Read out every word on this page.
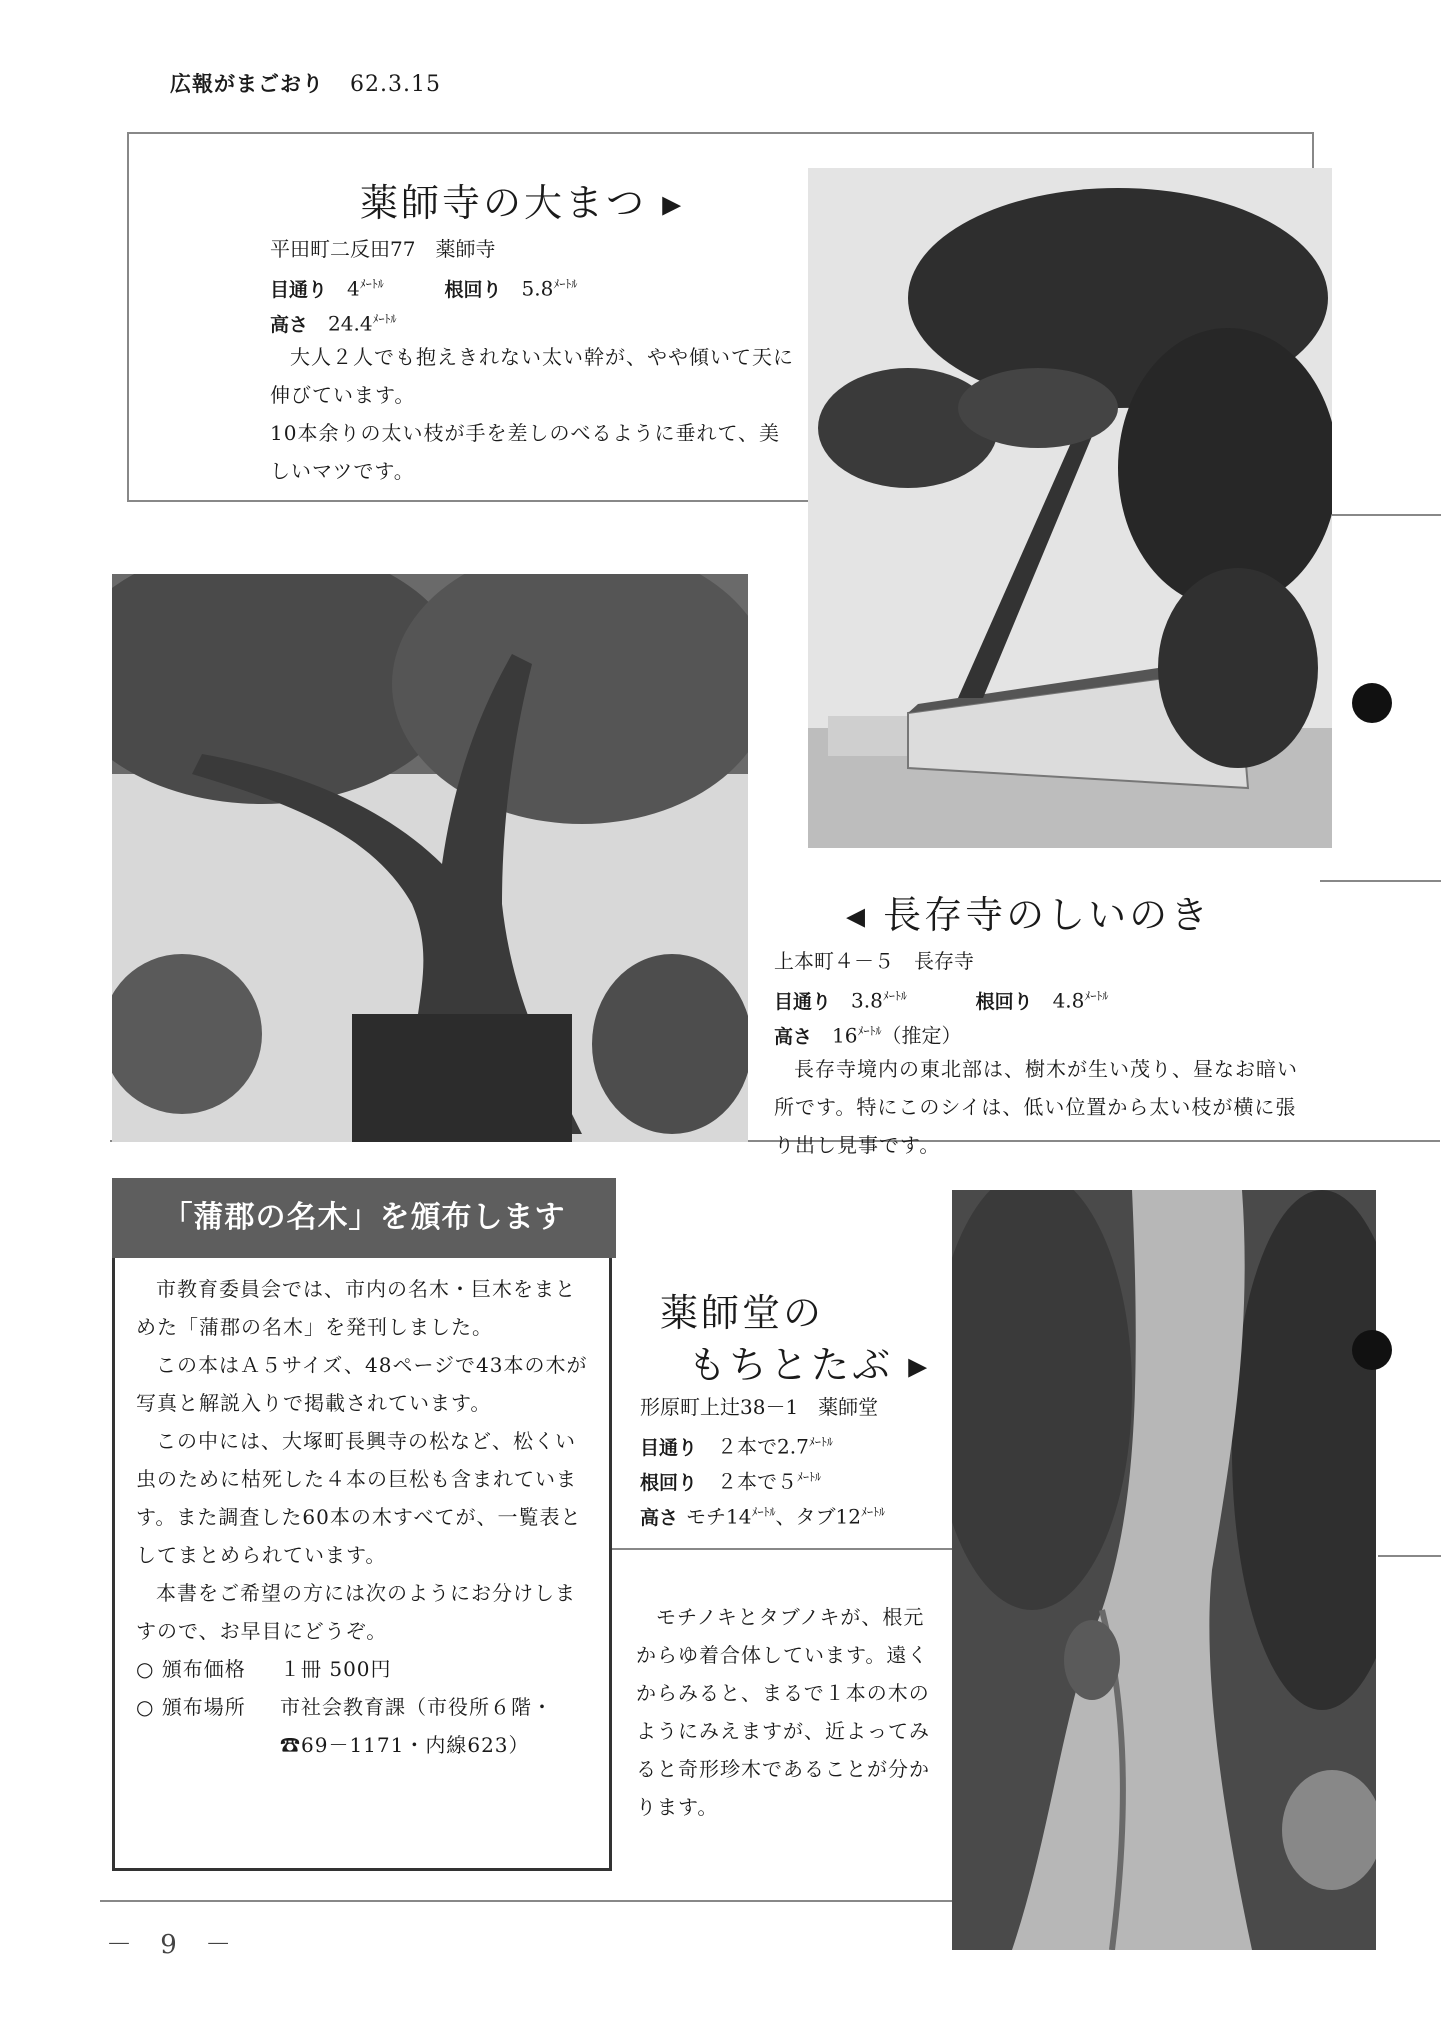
広報がまごおり 62.3.15
薬師寺の大まつ ▸
平田町二反田77　薬師寺
目通り $4^{ﾒｰﾄﾙ}$	根回り $5.8^{ﾒｰﾄﾙ}$
高さ $24.4^{ﾒｰﾄﾙ}$

大人２人でも抱えきれない太い幹が、やや傾いて天に伸びています。

10本余りの太い枝が手を差しのべるように垂れて、美しいマツです。

◂ 長存寺のしいのき
上本町４－５　長存寺
目通り $3.8^{ﾒｰﾄﾙ}$	根回り $4.8^{ﾒｰﾄﾙ}$
高さ $16^{ﾒｰﾄﾙ}$（推定）

長存寺境内の東北部は、樹木が生い茂り、昼なお暗い所です。特にこのシイは、低い位置から太い枝が横に張り出し見事です。

「蒲郡の名木」を頒布します

市教育委員会では、市内の名木・巨木をまとめた「蒲郡の名木」を発刊しました。

この本はＡ５サイズ、48ページで43本の木が写真と解説入りで掲載されています。

この中には、大塚町長興寺の松など、松くい虫のために枯死した４本の巨松も含まれています。また調査した60本の木すべてが、一覧表としてまとめられています。

本書をご希望の方には次のようにお分けしますので、お早目にどうぞ。

○ 頒布価格	１冊 500円

○ 頒布場所	市社会教育課（市役所６階・☎69－1171・内線623）

薬師堂の
もちとたぶ ▸
形原町上辻38－1　薬師堂
目通り ２本で$2.7^{ﾒｰﾄﾙ}$
根回り ２本で$5^{ﾒｰﾄﾙ}$
高さ モチ$14^{ﾒｰﾄﾙ}$、タブ$12^{ﾒｰﾄﾙ}$

モチノキとタブノキが、根元からゆ着合体しています。遠くからみると、まるで１本の木のようにみえますが、近よってみると奇形珍木であることが分かります。

－ 9 －
